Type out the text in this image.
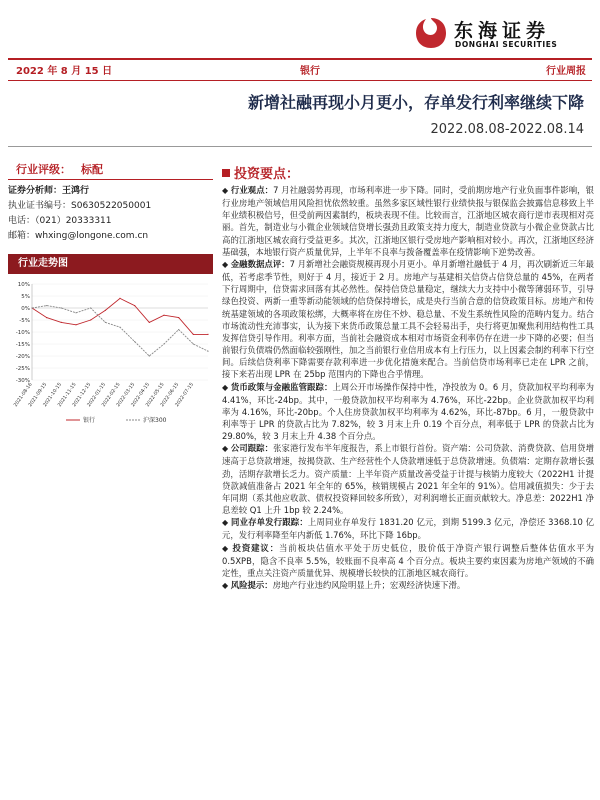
东海证券
DONGHAI SECURITIES
2022 年 8 月 15 日	银行	行业周报
新增社融再现小月更小，存单发行利率继续下降
2022.08.08-2022.08.14
行业评级： 标配
证券分析师：王鸿行
执业证书编号：S0630522050001
电话：（021）20333311
邮箱：whxing@longone.com.cn
行业走势图
10%
5%
0%
-5%
-10%
-15%
-20%
-25%
-30%
2021-08-16
2021-09-15
2021-10-15
2021-11-15
2021-12-15
2022-01-15
2022-02-15
2022-03-15
2022-04-15
2022-05-15
2022-06-15
2022-07-15
银行	沪深300
投资要点：
◆ 行业观点：7 月社融弱势再现，市场利率进一步下降。同时，受前期房地产行业负面事件影响，银行业房地产领域信用风险担忧依然较重。虽然多家区域性银行业绩快报与银保监会披露信息移致上半年业绩积极信号，但受前两因素制约，板块表现不佳。比较而言，江浙地区城农商行逆市表现相对亮丽。首先，制造业与小微企业领域信贷增长强劲且政策支持力度大，制造业贷款与小微企业贷款占比高的江浙地区城农商行受益更多。其次，江浙地区银行受房地产影响相对较小。再次，江浙地区经济基础强，本地银行资产质量优异，上半年不良率与拨备覆盖率在疫情影响下逆势改善。
◆ 金融数据点评：7 月新增社会融资规模再现小月更小。单月新增社融低于 4 月，再次刷新近三年最低，若考虑季节性，则好于 4 月，接近于 2 月。房地产与基建相关信贷占信贷总量的 45%，在两者下行周期中，信贷需求回落有其必然性。保持信贷总量稳定，继续大力支持中小微等薄弱环节，引导绿色投资、两新一重等新动能领域的信贷保持增长，成是央行当前合意的信贷政策目标。房地产和传统基建领域的各项政策松绑，大概率将在房住不炒、稳总量、不发生系统性风险的范畴内复力。结合市场流动性充沛事实，认为接下来货币政策总量工具不会轻易出手，央行将更加聚焦利用结构性工具发挥信贷引导作用。利率方面，当前社会融资成本相对市场资金利率仍存在进一步下降的必要；但当前银行负债端仍然面临较强刚性，加之当前银行业信用成本有上行压力，以上因素会制约利率下行空间。后续信贷利率下降需要存款利率进一步优化措施来配合。当前信贷市场利率已走在 LPR 之前，接下来若出现 LPR 在 25bp 范围内的下降也合乎情理。
◆ 货币政策与金融监管跟踪：上周公开市场操作保持中性，净投放为 0。6 月，贷款加权平均利率为 4.41%，环比-24bp。其中，一般贷款加权平均利率为 4.76%，环比-22bp。企业贷款加权平均利率为 4.16%，环比-20bp。个人住房贷款加权平均利率为 4.62%，环比-87bp。6 月，一般贷款中利率等于 LPR 的贷款占比为 7.82%，较 3 月末上升 0.19 个百分点，利率低于 LPR 的贷款占比为 29.80%，较 3 月末上升 4.38 个百分点。
◆ 公司跟踪：张家港行发布半年度报告，系上市银行首份。资产端：公司贷款、消费贷款、信用贷增速高于总贷款增速，按揭贷款、生产经营性个人贷款增速低于总贷款增速。负债端：定期存款增长强劲，活期存款增长乏力。资产质量：上半年资产质量改善受益于计提与核销力度较大（2022H1 计提贷款减值准备占 2021 年全年的 65%，核销规模占 2021 年全年的 91%）。信用减值损失：少于去年同期（系其他应收款、债权投资释回较多所致），对利润增长正面贡献较大。净息差：2022H1 净息差较 Q1 上升 1bp 较 2.24%。
◆ 同业存单发行跟踪：上周同业存单发行 1831.20 亿元，到期 5199.3 亿元，净偿还 3368.10 亿元，发行利率降至年内新低 1.76%，环比下降 16bp。
◆ 投资建议：当前板块估值水平处于历史低位，股价低于净资产银行调整后整体估值水平为 0.5XPB，隐含不良率 5.5%，较账面不良率高 4 个百分点。板块主要约束因素为房地产领域的不确定性，重点关注资产质量优异、规模增长较快的江浙地区城农商行。
◆ 风险提示：房地产行业违约风险明显上升；宏观经济快速下滑。
